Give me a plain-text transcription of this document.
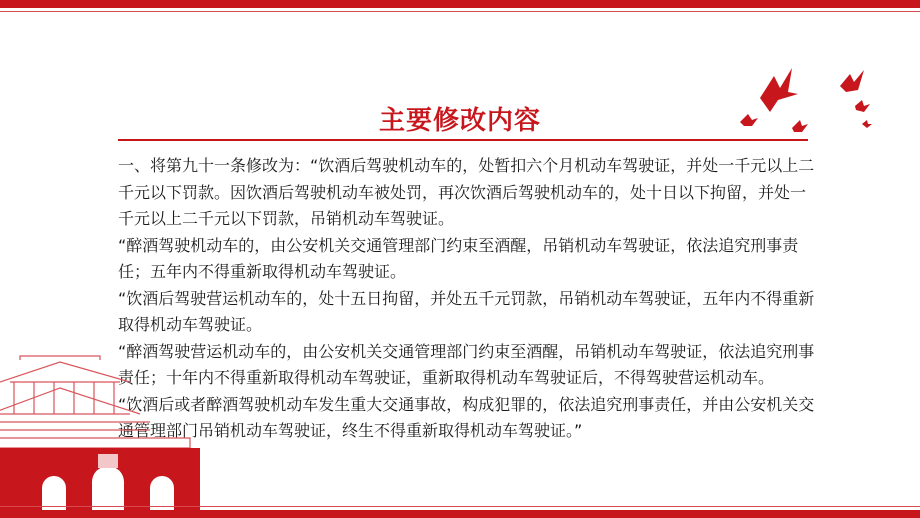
主要修改内容

一、将第九十一条修改为：“饮酒后驾驶机动车的，处暂扣六个月机动车驾驶证，并处一千元以上二千元以下罚款。因饮酒后驾驶机动车被处罚，再次饮酒后驾驶机动车的，处十日以下拘留，并处一千元以上二千元以下罚款，吊销机动车驾驶证。

“醉酒驾驶机动车的，由公安机关交通管理部门约束至酒醒，吊销机动车驾驶证，依法追究刑事责任；五年内不得重新取得机动车驾驶证。

“饮酒后驾驶营运机动车的，处十五日拘留，并处五千元罚款，吊销机动车驾驶证，五年内不得重新取得机动车驾驶证。

“醉酒驾驶营运机动车的，由公安机关交通管理部门约束至酒醒，吊销机动车驾驶证，依法追究刑事责任；十年内不得重新取得机动车驾驶证，重新取得机动车驾驶证后，不得驾驶营运机动车。

“饮酒后或者醉酒驾驶机动车发生重大交通事故，构成犯罪的，依法追究刑事责任，并由公安机关交通管理部门吊销机动车驾驶证，终生不得重新取得机动车驾驶证。”
